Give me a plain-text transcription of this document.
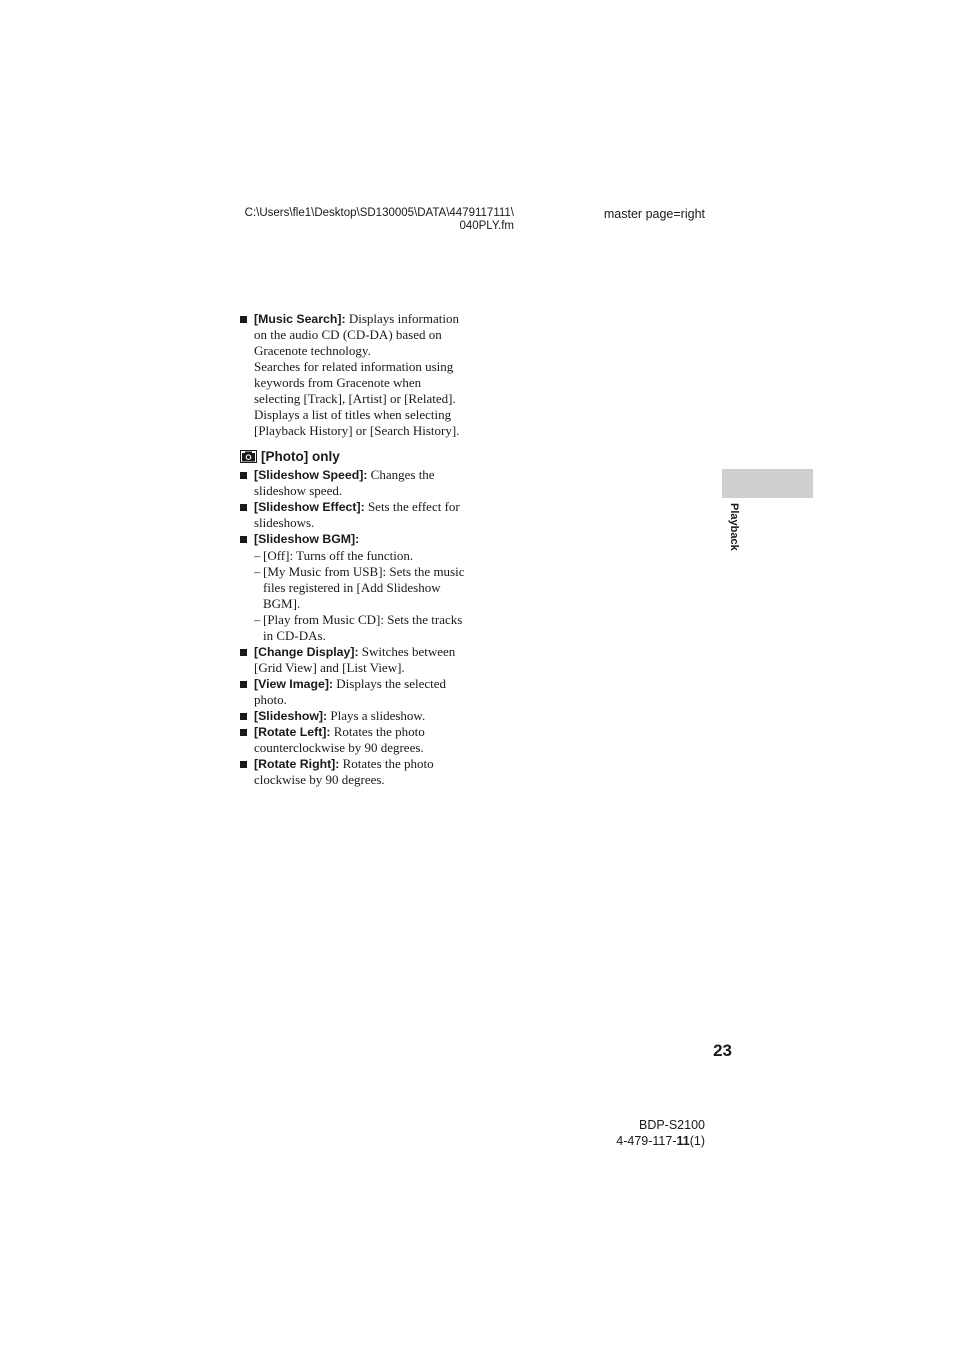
C:\Users\fle1\Desktop\SD130005\DATA\4479117111\
040PLY.fm
master page=right
[Music Search]: Displays information on the audio CD (CD-DA) based on Gracenote technology.
Searches for related information using keywords from Gracenote when selecting [Track], [Artist] or [Related].
Displays a list of titles when selecting [Playback History] or [Search History].
[Photo] only
[Slideshow Speed]: Changes the slideshow speed.
[Slideshow Effect]: Sets the effect for slideshows.
[Slideshow BGM]:
– [Off]: Turns off the function.
– [My Music from USB]: Sets the music files registered in [Add Slideshow BGM].
– [Play from Music CD]: Sets the tracks in CD-DAs.
[Change Display]: Switches between [Grid View] and [List View].
[View Image]: Displays the selected photo.
[Slideshow]: Plays a slideshow.
[Rotate Left]: Rotates the photo counterclockwise by 90 degrees.
[Rotate Right]: Rotates the photo clockwise by 90 degrees.
Playback
23
BDP-S2100
4-479-117-11(1)
